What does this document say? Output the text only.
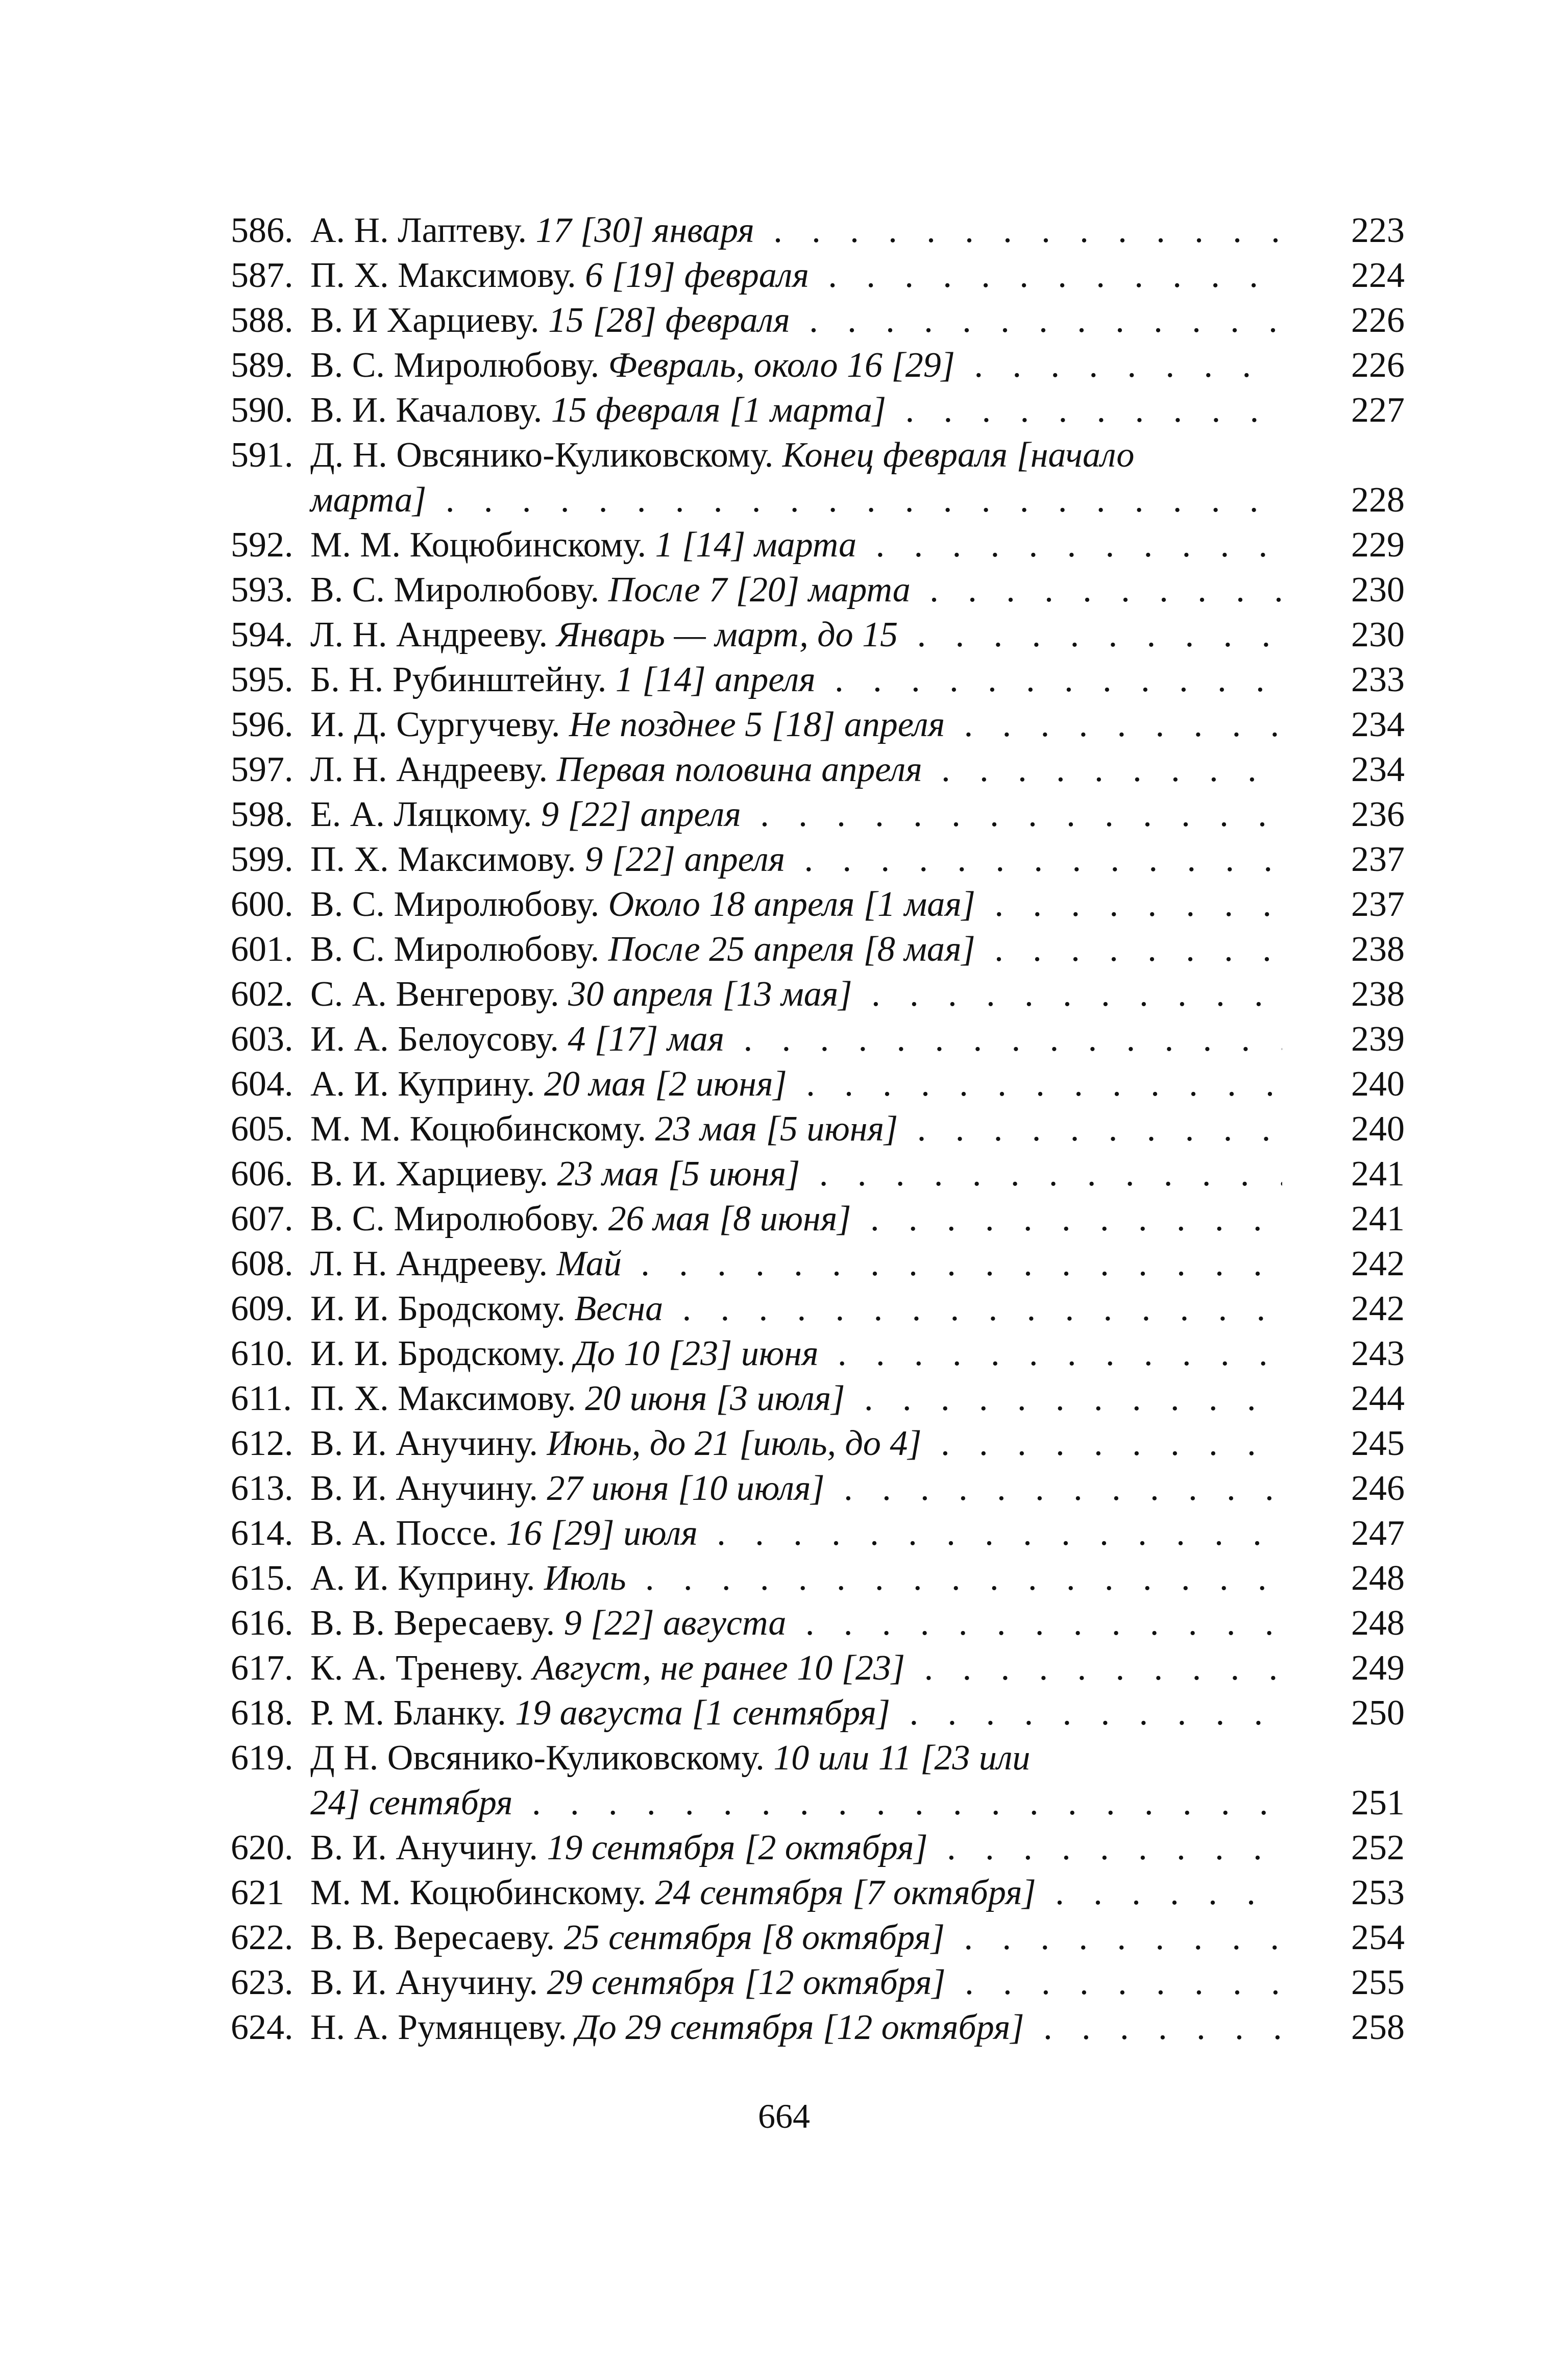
586. А. Н. Лаптеву. 17 [30] января . . .	223
587. П. Х. Максимову. 6 [19] февраля . . .	224
588. В. И Харциеву. 15 [28] февраля . . .	226
589. В. С. Миролюбову. Февраль, около 16 [29] . . .	226
590. В. И. Качалову. 15 февраля [1 марта] . . .	227
591. Д. Н. Овсянико-Куликовскому. Конец февраля [начало
марта] . . .	228
592. М. М. Коцюбинскому. 1 [14] марта . . .	229
593. В. С. Миролюбову. После 7 [20] марта . . .	230
594. Л. Н. Андрееву. Январь — март, до 15 . . .	230
595. Б. Н. Рубинштейну. 1 [14] апреля . . .	233
596. И. Д. Сургучеву. Не позднее 5 [18] апреля . . .	234
597. Л. Н. Андрееву. Первая половина апреля . . .	234
598. Е. А. Ляцкому. 9 [22] апреля . . .	236
599. П. Х. Максимову. 9 [22] апреля . . .	237
600. В. С. Миролюбову. Около 18 апреля [1 мая] . . .	237
601. В. С. Миролюбову. После 25 апреля [8 мая] . . .	238
602. С. А. Венгерову. 30 апреля [13 мая] . . .	238
603. И. А. Белоусову. 4 [17] мая . . .	239
604. А. И. Куприну. 20 мая [2 июня] . . .	240
605. М. М. Коцюбинскому. 23 мая [5 июня] . . .	240
606. В. И. Харциеву. 23 мая [5 июня] . . .	241
607. В. С. Миролюбову. 26 мая [8 июня] . . .	241
608. Л. Н. Андрееву. Май . . .	242
609. И. И. Бродскому. Весна . . .	242
610. И. И. Бродскому. До 10 [23] июня . . .	243
611. П. Х. Максимову. 20 июня [3 июля] . . .	244
612. В. И. Анучину. Июнь, до 21 [июль, до 4] . . .	245
613. В. И. Анучину. 27 июня [10 июля] . . .	246
614. В. А. Поссе. 16 [29] июля . . .	247
615. А. И. Куприну. Июль . . .	248
616. В. В. Вересаеву. 9 [22] августа . . .	248
617. К. А. Треневу. Август, не ранее 10 [23] . . .	249
618. Р. М. Бланку. 19 августа [1 сентября] . . .	250
619. Д Н. Овсянико-Куликовскому. 10 или 11 [23 или
24] сентября . . .	251
620. В. И. Анучину. 19 сентября [2 октября] . . .	252
621 М. М. Коцюбинскому. 24 сентября [7 октября] . . .	253
622. В. В. Вересаеву. 25 сентября [8 октября] . . .	254
623. В. И. Анучину. 29 сентября [12 октября] . . .	255
624. Н. А. Румянцеву. До 29 сентября [12 октября] . . .	258
664
